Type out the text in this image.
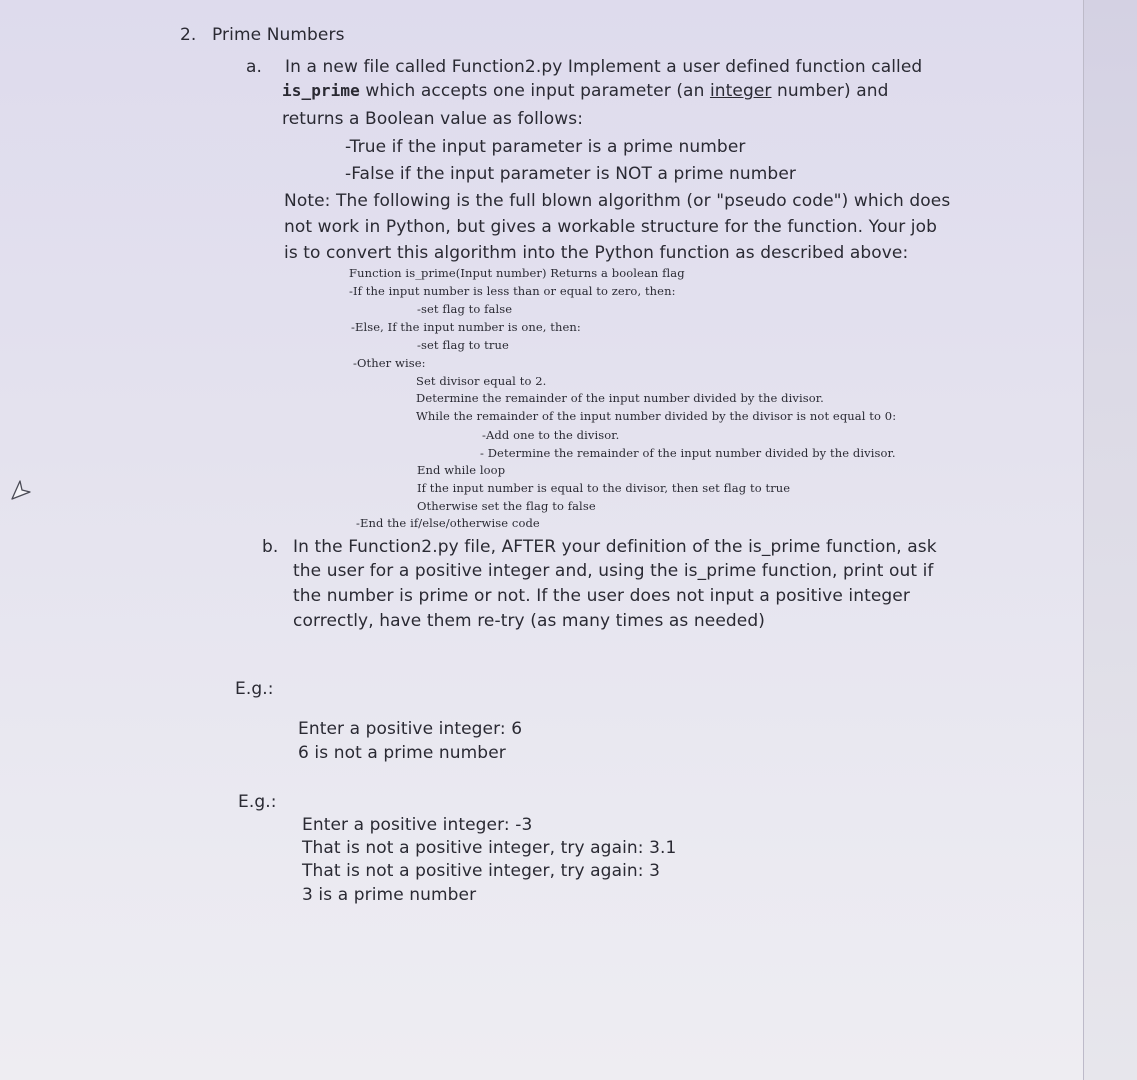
2. Prime Numbers

a. In a new file called Function2.py Implement a user defined function called

is_prime which accepts one input parameter (an integer number) and

returns a Boolean value as follows:

-True if the input parameter is a prime number

-False if the input parameter is NOT a prime number

Note: The following is the full blown algorithm (or "pseudo code") which does

not work in Python, but gives a workable structure for the function. Your job

is to convert this algorithm into the Python function as described above:

Function is_prime(Input number) Returns a boolean flag

-If the input number is less than or equal to zero, then:

-set flag to false

-Else, If the input number is one, then:

-set flag to true

-Other wise:

Set divisor equal to 2.

Determine the remainder of the input number divided by the divisor.

While the remainder of the input number divided by the divisor is not equal to 0:

-Add one to the divisor.

- Determine the remainder of the input number divided by the divisor.

End while loop

If the input number is equal to the divisor, then set flag to true

Otherwise set the flag to false

-End the if/else/otherwise code

b. In the Function2.py file, AFTER your definition of the is_prime function, ask

the user for a positive integer and, using the is_prime function, print out if

the number is prime or not. If the user does not input a positive integer

correctly, have them re-try (as many times as needed)

E.g.:

Enter a positive integer: 6

6 is not a prime number

E.g.:

Enter a positive integer: -3

That is not a positive integer, try again: 3.1

That is not a positive integer, try again: 3

3 is a prime number
